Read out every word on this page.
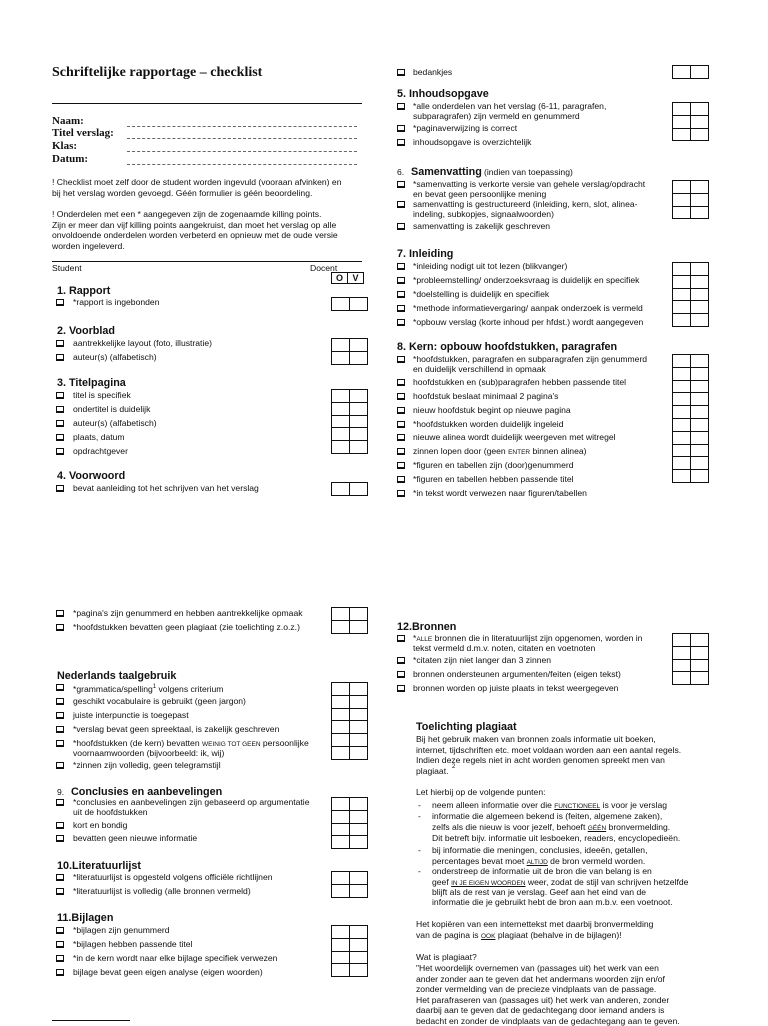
Schriftelijke rapportage – checklist
Naam:
Titel verslag:
Klas:
Datum:
! Checklist moet zelf door de student worden ingevuld (vooraan afvinken) en
bij het verslag worden gevoegd. Géén formulier is géén beoordeling.
! Onderdelen met een * aangegeven zijn de zogenaamde killing points.
Zijn er meer dan vijf killing points aangekruist, dan moet het verslag op alle
onvoldoende onderdelen worden verbeterd en opnieuw met de oude versie
worden ingeleverd.
Student	Docent
O	V
1. Rapport
*rapport is ingebonden

2. Voorblad
aantrekkelijke layout (foto, illustratie)
auteur(s) (alfabetisch)

3. Titelpagina
titel is specifiek
ondertitel is duidelijk
auteur(s) (alfabetisch)
plaats, datum
opdrachtgever

4. Voorwoord
bevat aanleiding tot het schrijven van het verslag

*pagina's zijn genummerd en hebben aantrekkelijke opmaak
*hoofdstukken bevatten geen plagiaat (zie toelichting z.o.z.)

Nederlands taalgebruik
*grammatica/spelling$^1$ volgens criterium
geschikt vocabulaire is gebruikt (geen jargon)
juiste interpunctie is toegepast
*verslag bevat geen spreektaal, is zakelijk geschreven
*hoofdstukken (de kern) bevatten WEINIG TOT GEEN persoonlijke
voornaamwoorden (bijvoorbeeld: ik, wij)
*zinnen zijn volledig, geen telegramstijl

9. Conclusies en aanbevelingen
*conclusies en aanbevelingen zijn gebaseerd op argumentatie
uit de hoofdstukken
kort en bondig
bevatten geen nieuwe informatie

10.Literatuurlijst
*literatuurlijst is opgesteld volgens officiële richtlijnen
*literatuurlijst is volledig (alle bronnen vermeld)

11.Bijlagen
*bijlagen zijn genummerd
*bijlagen hebben passende titel
*in de kern wordt naar elke bijlage specifiek verwezen
bijlage bevat geen eigen analyse (eigen woorden)

bedankjes

5. Inhoudsopgave
*alle onderdelen van het verslag (6-11, paragrafen,
subparagrafen) zijn vermeld en genummerd
*paginaverwijzing is correct
inhoudsopgave is overzichtelijk

6. Samenvatting (indien van toepassing)
*samenvatting is verkorte versie van gehele verslag/opdracht
en bevat geen persoonlijke mening
samenvatting is gestructureerd (inleiding, kern, slot, alinea-
indeling, subkopjes, signaalwoorden)
samenvatting is zakelijk geschreven

7. Inleiding
*inleiding nodigt uit tot lezen (blikvanger)
*probleemstelling/ onderzoeksvraag is duidelijk en specifiek
*doelstelling is duidelijk en specifiek
*methode informatievergaring/ aanpak onderzoek is vermeld
*opbouw verslag (korte inhoud per hfdst.) wordt aangegeven

8. Kern: opbouw hoofdstukken, paragrafen
*hoofdstukken, paragrafen en subparagrafen zijn genummerd
en duidelijk verschillend in opmaak
hoofdstukken en (sub)paragrafen hebben passende titel
hoofdstuk beslaat minimaal 2 pagina's
nieuw hoofdstuk begint op nieuwe pagina
*hoofdstukken worden duidelijk ingeleid
nieuwe alinea wordt duidelijk weergeven met witregel
zinnen lopen door (geen ENTER binnen alinea)
*figuren en tabellen zijn (door)genummerd
*figuren en tabellen hebben passende titel
*in tekst wordt verwezen naar figuren/tabellen

12.Bronnen
*ALLE bronnen die in literatuurlijst zijn opgenomen, worden in
tekst vermeld d.m.v. noten, citaten en voetnoten
*citaten zijn niet langer dan 3 zinnen
bronnen ondersteunen argumenten/feiten (eigen tekst)
bronnen worden op juiste plaats in tekst weergegeven

Toelichting plagiaat
Bij het gebruik maken van bronnen zoals informatie uit boeken,
internet, tijdschriften etc. moet voldaan worden aan een aantal regels.
Indien deze regels niet in acht worden genomen spreekt men van
plagiaat. 2
Let hierbij op de volgende punten:
-
-
-
-
neem alleen informatie over die FUNCTIONEEL is voor je verslag
informatie die algemeen bekend is (feiten, algemene zaken),
zelfs als die nieuw is voor jezelf, behoeft GÉÉN bronvermelding.
Dit betreft bijv. informatie uit lesboeken, readers, encyclopedieën.
bij informatie die meningen, conclusies, ideeën, getallen,
percentages bevat moet ALTIJD de bron vermeld worden.
onderstreep de informatie uit de bron die van belang is en
geef IN JE EIGEN WOORDEN weer, zodat de stijl van schrijven hetzelfde
blijft als de rest van je verslag. Geef aan het eind van de
informatie die je gebruikt hebt de bron aan m.b.v. een voetnoot.
Het kopiëren van een internettekst met daarbij bronvermelding
van de pagina is OOK plagiaat (behalve in de bijlagen)!
Wat is plagiaat?
"Het woordelijk overnemen van (passages uit) het werk van een
ander zonder aan te geven dat het andermans woorden zijn en/of
zonder vermelding van de precieze vindplaats van de passage.
Het parafraseren van (passages uit) het werk van anderen, zonder
daarbij aan te geven dat de gedachtegang door iemand anders is
bedacht en zonder de vindplaats van de gedachtegang aan te geven.
